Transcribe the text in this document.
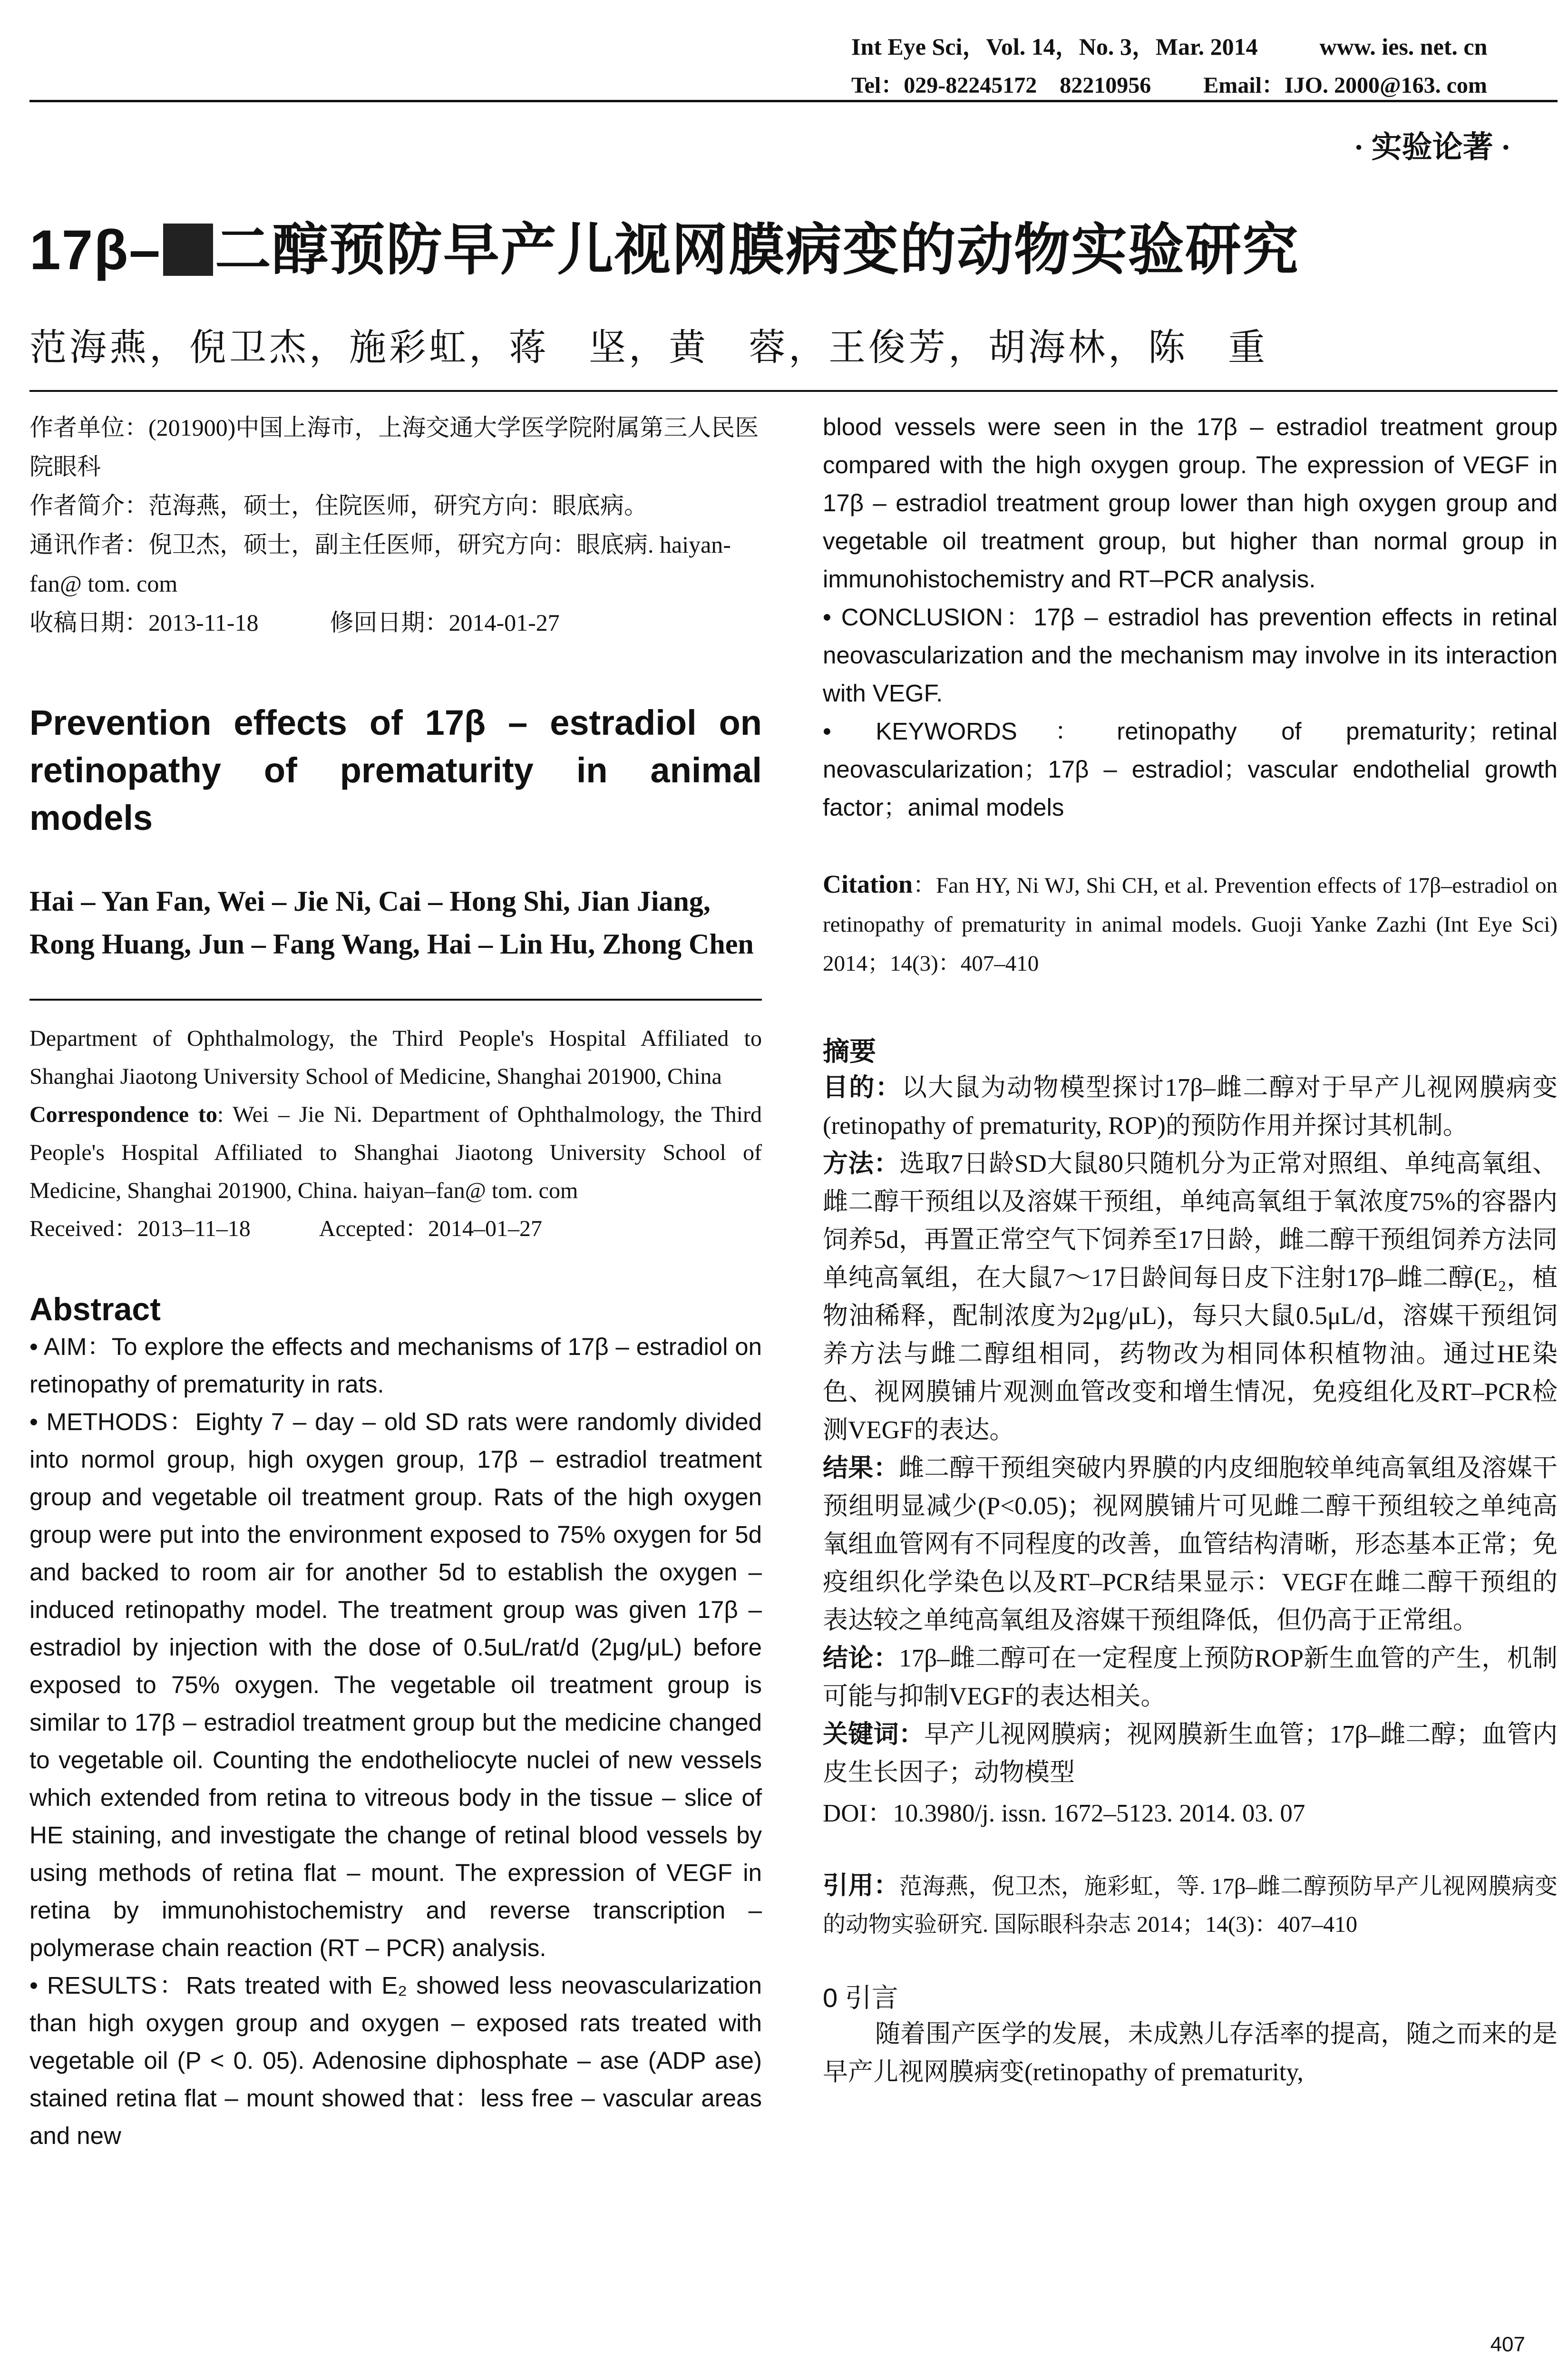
Int Eye Sci，Vol. 14，No. 3，Mar. 2014	www. ies. net. cn
Tel：029-82245172　82210956 Email：IJO. 2000@163. com
· 实验论著 ·
17β– 二醇预防早产儿视网膜病变的动物实验研究
范海燕，倪卫杰，施彩虹，蒋　坚，黄　蓉，王俊芳，胡海林，陈　重
作者单位：(201900)中国上海市，上海交通大学医学院附属第三人民医院眼科
作者简介：范海燕，硕士，住院医师，研究方向：眼底病。
通讯作者：倪卫杰，硕士，副主任医师，研究方向：眼底病. haiyan-fan@ tom. com
收稿日期：2013-11-18　　　修回日期：2014-01-27
Prevention effects of 17β – estradiol on retinopathy of prematurity in animal models
Hai – Yan Fan, Wei – Jie Ni, Cai – Hong Shi, Jian Jiang, Rong Huang, Jun – Fang Wang, Hai – Lin Hu, Zhong Chen
Department of Ophthalmology, the Third People's Hospital Affiliated to Shanghai Jiaotong University School of Medicine, Shanghai 201900, China
Correspondence to: Wei – Jie Ni. Department of Ophthalmology, the Third People's Hospital Affiliated to Shanghai Jiaotong University School of Medicine, Shanghai 201900, China. haiyan–fan@ tom. com
Received：2013–11–18　　　Accepted：2014–01–27
Abstract

• AIM：To explore the effects and mechanisms of 17β – estradiol on retinopathy of prematurity in rats.

• METHODS：Eighty 7 – day – old SD rats were randomly divided into normol group, high oxygen group, 17β – estradiol treatment group and vegetable oil treatment group. Rats of the high oxygen group were put into the environment exposed to 75% oxygen for 5d and backed to room air for another 5d to establish the oxygen – induced retinopathy model. The treatment group was given 17β – estradiol by injection with the dose of 0.5uL/rat/d (2μg/μL) before exposed to 75% oxygen. The vegetable oil treatment group is similar to 17β – estradiol treatment group but the medicine changed to vegetable oil. Counting the endotheliocyte nuclei of new vessels which extended from retina to vitreous body in the tissue – slice of HE staining, and investigate the change of retinal blood vessels by using methods of retina flat – mount. The expression of VEGF in retina by immunohistochemistry and reverse transcription – polymerase chain reaction (RT – PCR) analysis.

• RESULTS：Rats treated with E₂ showed less neovascularization than high oxygen group and oxygen – exposed rats treated with vegetable oil (P < 0. 05). Adenosine diphosphate – ase (ADP ase) stained retina flat – mount showed that：less free – vascular areas and new

blood vessels were seen in the 17β – estradiol treatment group compared with the high oxygen group. The expression of VEGF in 17β – estradiol treatment group lower than high oxygen group and vegetable oil treatment group, but higher than normal group in immunohistochemistry and RT–PCR analysis.

• CONCLUSION：17β – estradiol has prevention effects in retinal neovascularization and the mechanism may involve in its interaction with VEGF.

• KEYWORDS：retinopathy of prematurity；retinal neovascularization；17β – estradiol；vascular endothelial growth factor；animal models

Citation：Fan HY, Ni WJ, Shi CH, et al. Prevention effects of 17β–estradiol on retinopathy of prematurity in animal models. Guoji Yanke Zazhi (Int Eye Sci) 2014；14(3)：407–410
摘要

目的：以大鼠为动物模型探讨17β–雌二醇对于早产儿视网膜病变(retinopathy of prematurity, ROP)的预防作用并探讨其机制。

方法：选取7日龄SD大鼠80只随机分为正常对照组、单纯高氧组、雌二醇干预组以及溶媒干预组，单纯高氧组于氧浓度75%的容器内饲养5d，再置正常空气下饲养至17日龄，雌二醇干预组饲养方法同单纯高氧组，在大鼠7～17日龄间每日皮下注射17β–雌二醇(E₂，植物油稀释，配制浓度为2μg/μL)，每只大鼠0.5μL/d，溶媒干预组饲养方法与雌二醇组相同，药物改为相同体积植物油。通过HE染色、视网膜铺片观测血管改变和增生情况，免疫组化及RT–PCR检测VEGF的表达。

结果：雌二醇干预组突破内界膜的内皮细胞较单纯高氧组及溶媒干预组明显减少(P<0.05)；视网膜铺片可见雌二醇干预组较之单纯高氧组血管网有不同程度的改善，血管结构清晰，形态基本正常；免疫组织化学染色以及RT–PCR结果显示：VEGF在雌二醇干预组的表达较之单纯高氧组及溶媒干预组降低，但仍高于正常组。

结论：17β–雌二醇可在一定程度上预防ROP新生血管的产生，机制可能与抑制VEGF的表达相关。

关键词：早产儿视网膜病；视网膜新生血管；17β–雌二醇；血管内皮生长因子；动物模型

DOI：10.3980/j. issn. 1672–5123. 2014. 03. 07
引用：范海燕，倪卫杰，施彩虹，等. 17β–雌二醇预防早产儿视网膜病变的动物实验研究. 国际眼科杂志 2014；14(3)：407–410
0 引言

随着围产医学的发展，未成熟儿存活率的提高，随之而来的是早产儿视网膜病变(retinopathy of prematurity,

407
